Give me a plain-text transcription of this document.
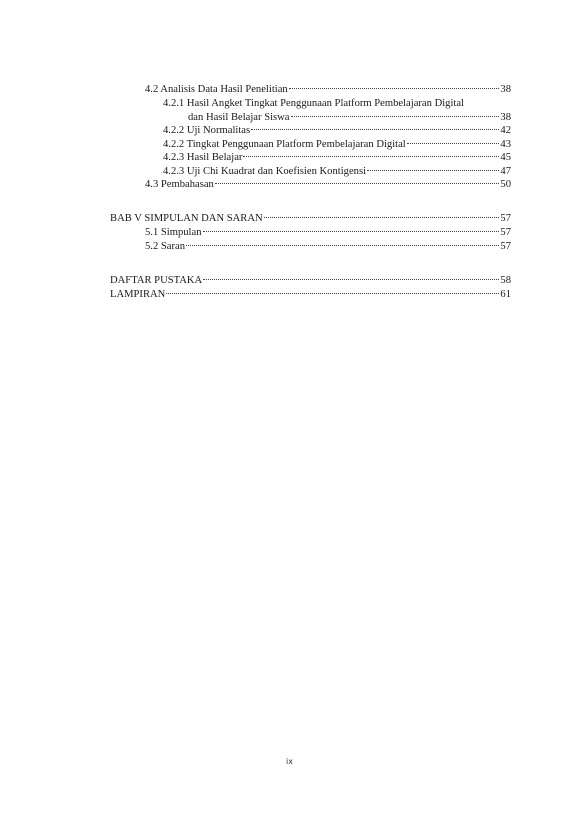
4.2 Analisis Data Hasil Penelitian	38
4.2.1 Hasil Angket Tingkat Penggunaan Platform Pembelajaran Digital
dan Hasil Belajar Siswa	38
4.2.2 Uji Normalitas	42
4.2.2 Tingkat Penggunaan Platform Pembelajaran Digital	43
4.2.3 Hasil Belajar	45
4.2.3 Uji Chi Kuadrat dan Koefisien Kontigensi	47
4.3 Pembahasan	50
BAB V SIMPULAN DAN SARAN	57
5.1 Simpulan	57
5.2 Saran	57
DAFTAR PUSTAKA	58
LAMPIRAN	61
ix
